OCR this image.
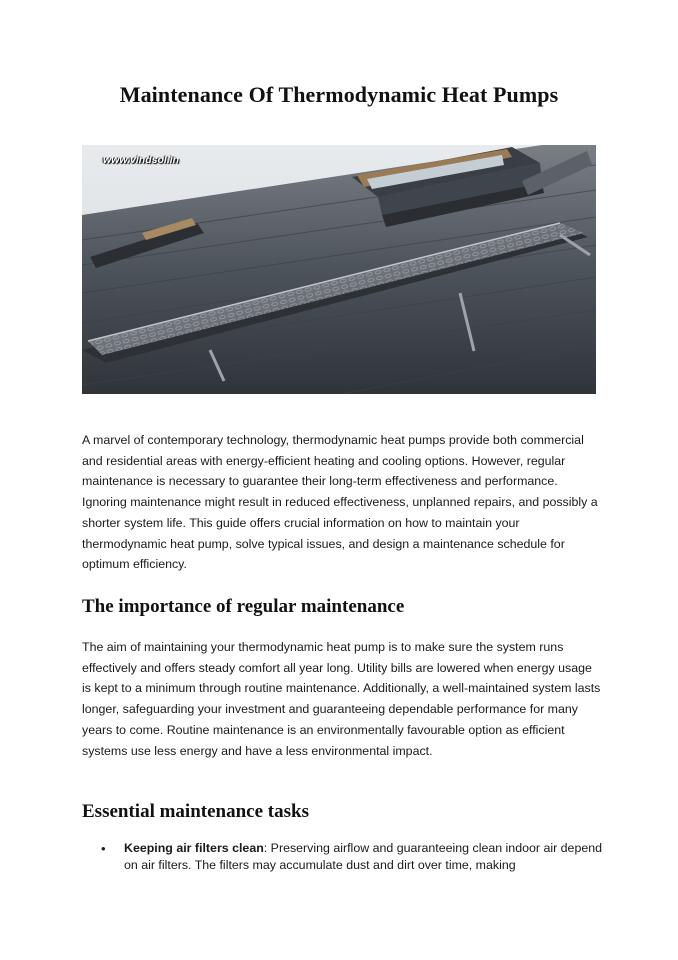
Maintenance Of Thermodynamic Heat Pumps
www.vindsol.in

A marvel of contemporary technology, thermodynamic heat pumps provide both commercial and residential areas with energy-efficient heating and cooling options. However, regular maintenance is necessary to guarantee their long-term effectiveness and performance. Ignoring maintenance might result in reduced effectiveness, unplanned repairs, and possibly a shorter system life. This guide offers crucial information on how to maintain your thermodynamic heat pump, solve typical issues, and design a maintenance schedule for optimum efficiency.

The importance of regular maintenance

The aim of maintaining your thermodynamic heat pump is to make sure the system runs effectively and offers steady comfort all year long. Utility bills are lowered when energy usage is kept to a minimum through routine maintenance. Additionally, a well-maintained system lasts longer, safeguarding your investment and guaranteeing dependable performance for many years to come. Routine maintenance is an environmentally favourable option as efficient systems use less energy and have a less environmental impact.

Essential maintenance tasks
• Keeping air filters clean: Preserving airflow and guaranteeing clean indoor air depend on air filters. The filters may accumulate dust and dirt over time, making
